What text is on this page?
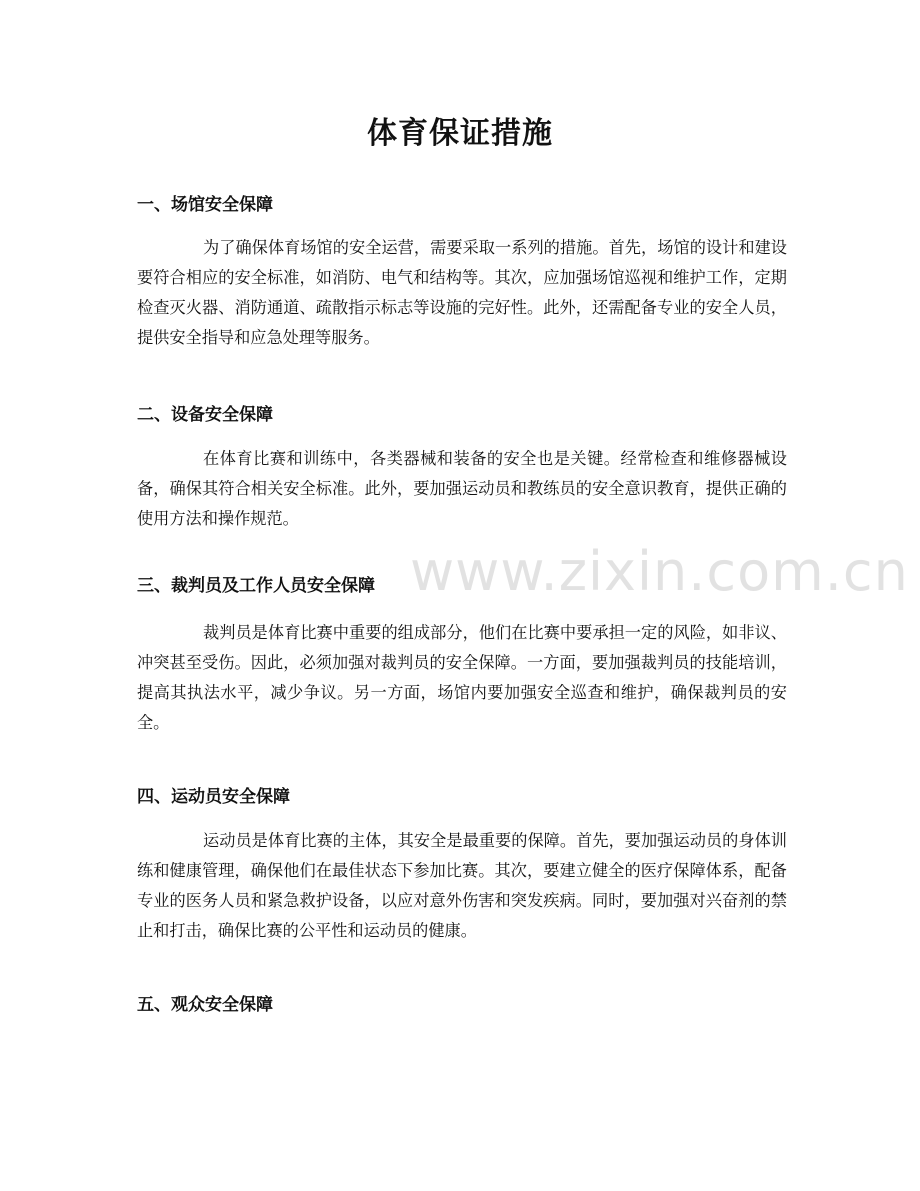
体育保证措施
一、场馆安全保障

为了确保体育场馆的安全运营，需要采取一系列的措施。首先，场馆的设计和建设要符合相应的安全标准，如消防、电气和结构等。其次，应加强场馆巡视和维护工作，定期检查灭火器、消防通道、疏散指示标志等设施的完好性。此外，还需配备专业的安全人员，提供安全指导和应急处理等服务。

二、设备安全保障

在体育比赛和训练中，各类器械和装备的安全也是关键。经常检查和维修器械设备，确保其符合相关安全标准。此外，要加强运动员和教练员的安全意识教育，提供正确的使用方法和操作规范。

三、裁判员及工作人员安全保障

裁判员是体育比赛中重要的组成部分，他们在比赛中要承担一定的风险，如非议、冲突甚至受伤。因此，必须加强对裁判员的安全保障。一方面，要加强裁判员的技能培训，提高其执法水平，减少争议。另一方面，场馆内要加强安全巡查和维护，确保裁判员的安全。

四、运动员安全保障

运动员是体育比赛的主体，其安全是最重要的保障。首先，要加强运动员的身体训练和健康管理，确保他们在最佳状态下参加比赛。其次，要建立健全的医疗保障体系，配备专业的医务人员和紧急救护设备，以应对意外伤害和突发疾病。同时，要加强对兴奋剂的禁止和打击，确保比赛的公平性和运动员的健康。

五、观众安全保障
www.zixin.com.cn
